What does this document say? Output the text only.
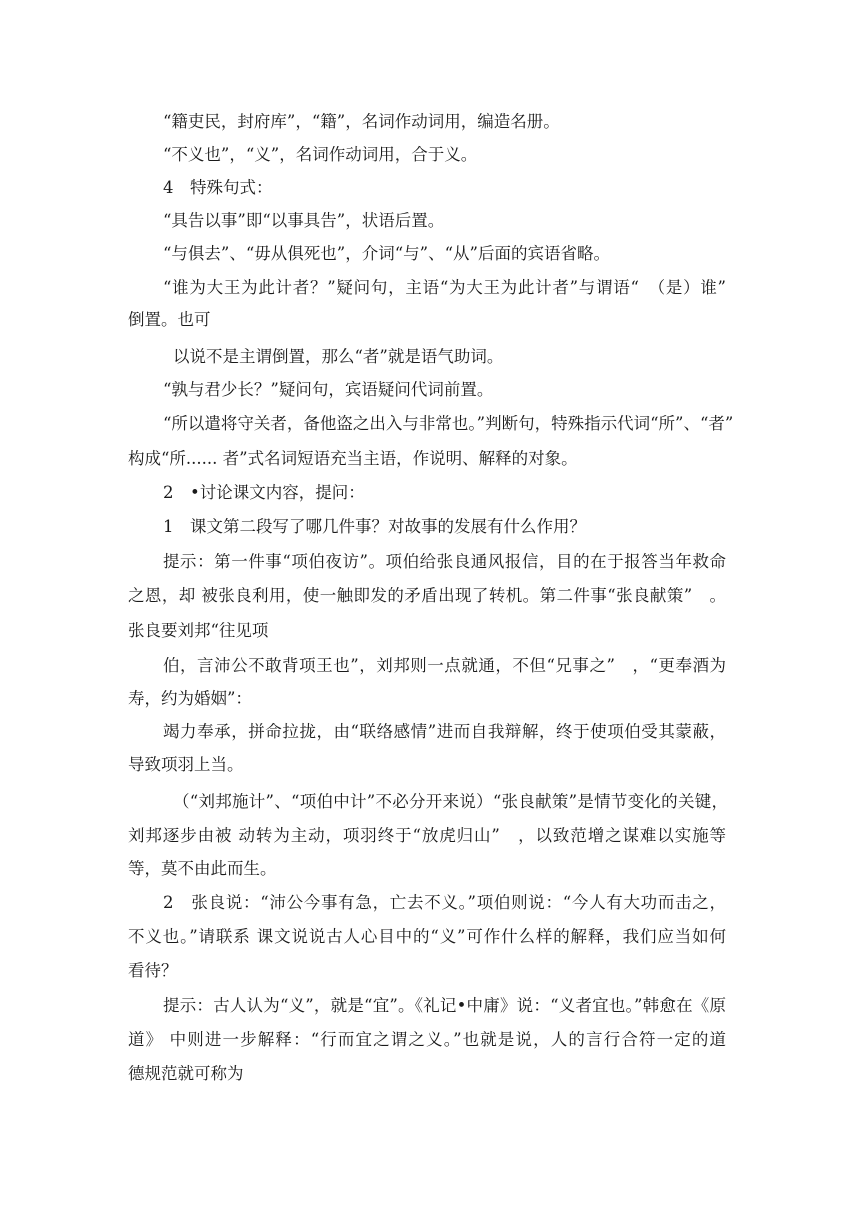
“籍吏民，封府库”，“籍”，名词作动词用，编造名册。
“不义也”，“义”，名词作动词用，合于义。
4　特殊句式：
“具告以事”即“以事具告”，状语后置。
“与俱去”、“毋从俱死也”，介词“与”、“从”后面的宾语省略。
“谁为大王为此计者？”疑问句，主语“为大王为此计者”与谓语“　（是）谁”
倒置。也可
以说不是主谓倒置，那么“者”就是语气助词。
“孰与君少长？”疑问句，宾语疑问代词前置。
“所以遣将守关者，备他盗之出入与非常也。”判断句，特殊指示代词“所”、“者”
构成“所...... 者”式名词短语充当主语，作说明、解释的对象。
2　•讨论课文内容，提问：
1　课文第二段写了哪几件事？对故事的发展有什么作用？
提示：第一件事“项伯夜访”。项伯给张良通风报信，目的在于报答当年救命
之恩，却 被张良利用，使一触即发的矛盾出现了转机。第二件事“张良献策”　。
张良要刘邦“往见项
伯，言沛公不敢背项王也”，刘邦则一点就通，不但“兄事之”　，“更奉酒为
寿，约为婚姻”：
竭力奉承，拼命拉拢，由“联络感情”进而自我辩解，终于使项伯受其蒙蔽，
导致项羽上当。
（“刘邦施计”、“项伯中计”不必分开来说）“张良献策”是情节变化的关键，
刘邦逐步由被 动转为主动，项羽终于“放虎归山”　，以致范增之谋难以实施等
等，莫不由此而生。
2　张良说：“沛公今事有急，亡去不义。”项伯则说：“今人有大功而击之，
不义也。”请联系 课文说说古人心目中的“义”可作什么样的解释，我们应当如何
看待？
提示：古人认为“义”，就是“宜”。《礼记•中庸》说：“义者宜也。”韩愈在《原
道》 中则进一步解释：“行而宜之谓之义。”也就是说，人的言行合符一定的道
德规范就可称为
